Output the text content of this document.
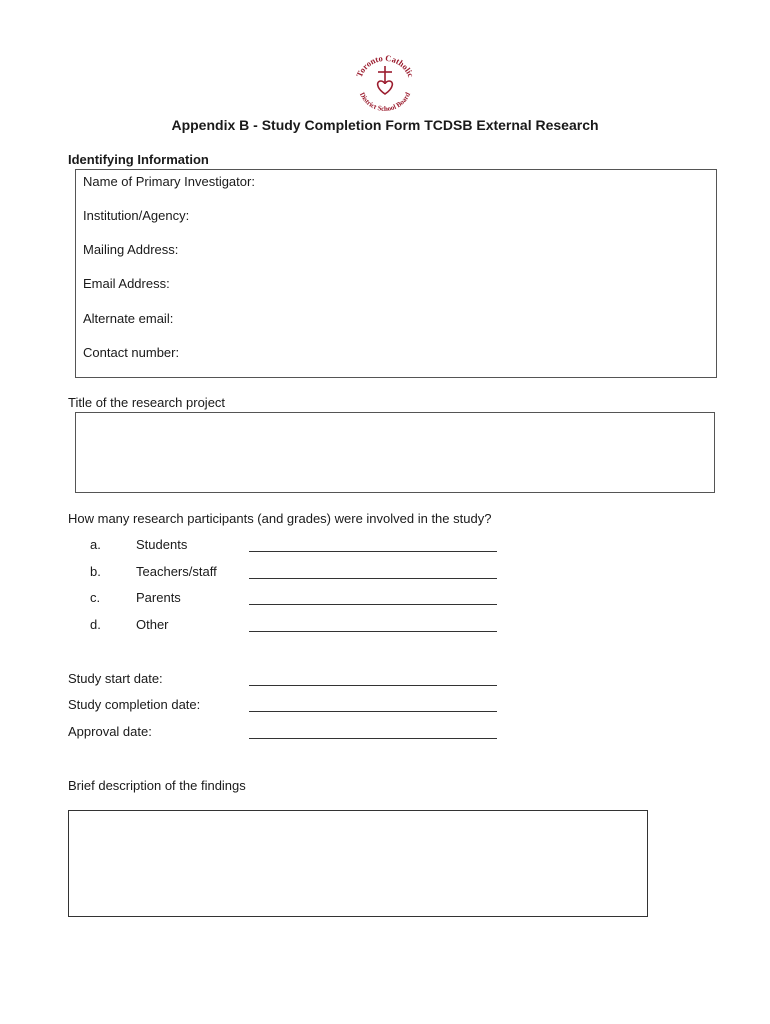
Toronto Catholic
District School Board
Appendix B - Study Completion Form TCDSB External Research
Identifying Information
Name of Primary Investigator:
Institution/Agency:
Mailing Address:
Email Address:
Alternate email:
Contact number:
Title of the research project
How many research participants (and grades) were involved in the study?
a.	Students
b.	Teachers/staff
c.	Parents
d.	Other
Study start date:
Study completion date:
Approval date:
Brief description of the findings
